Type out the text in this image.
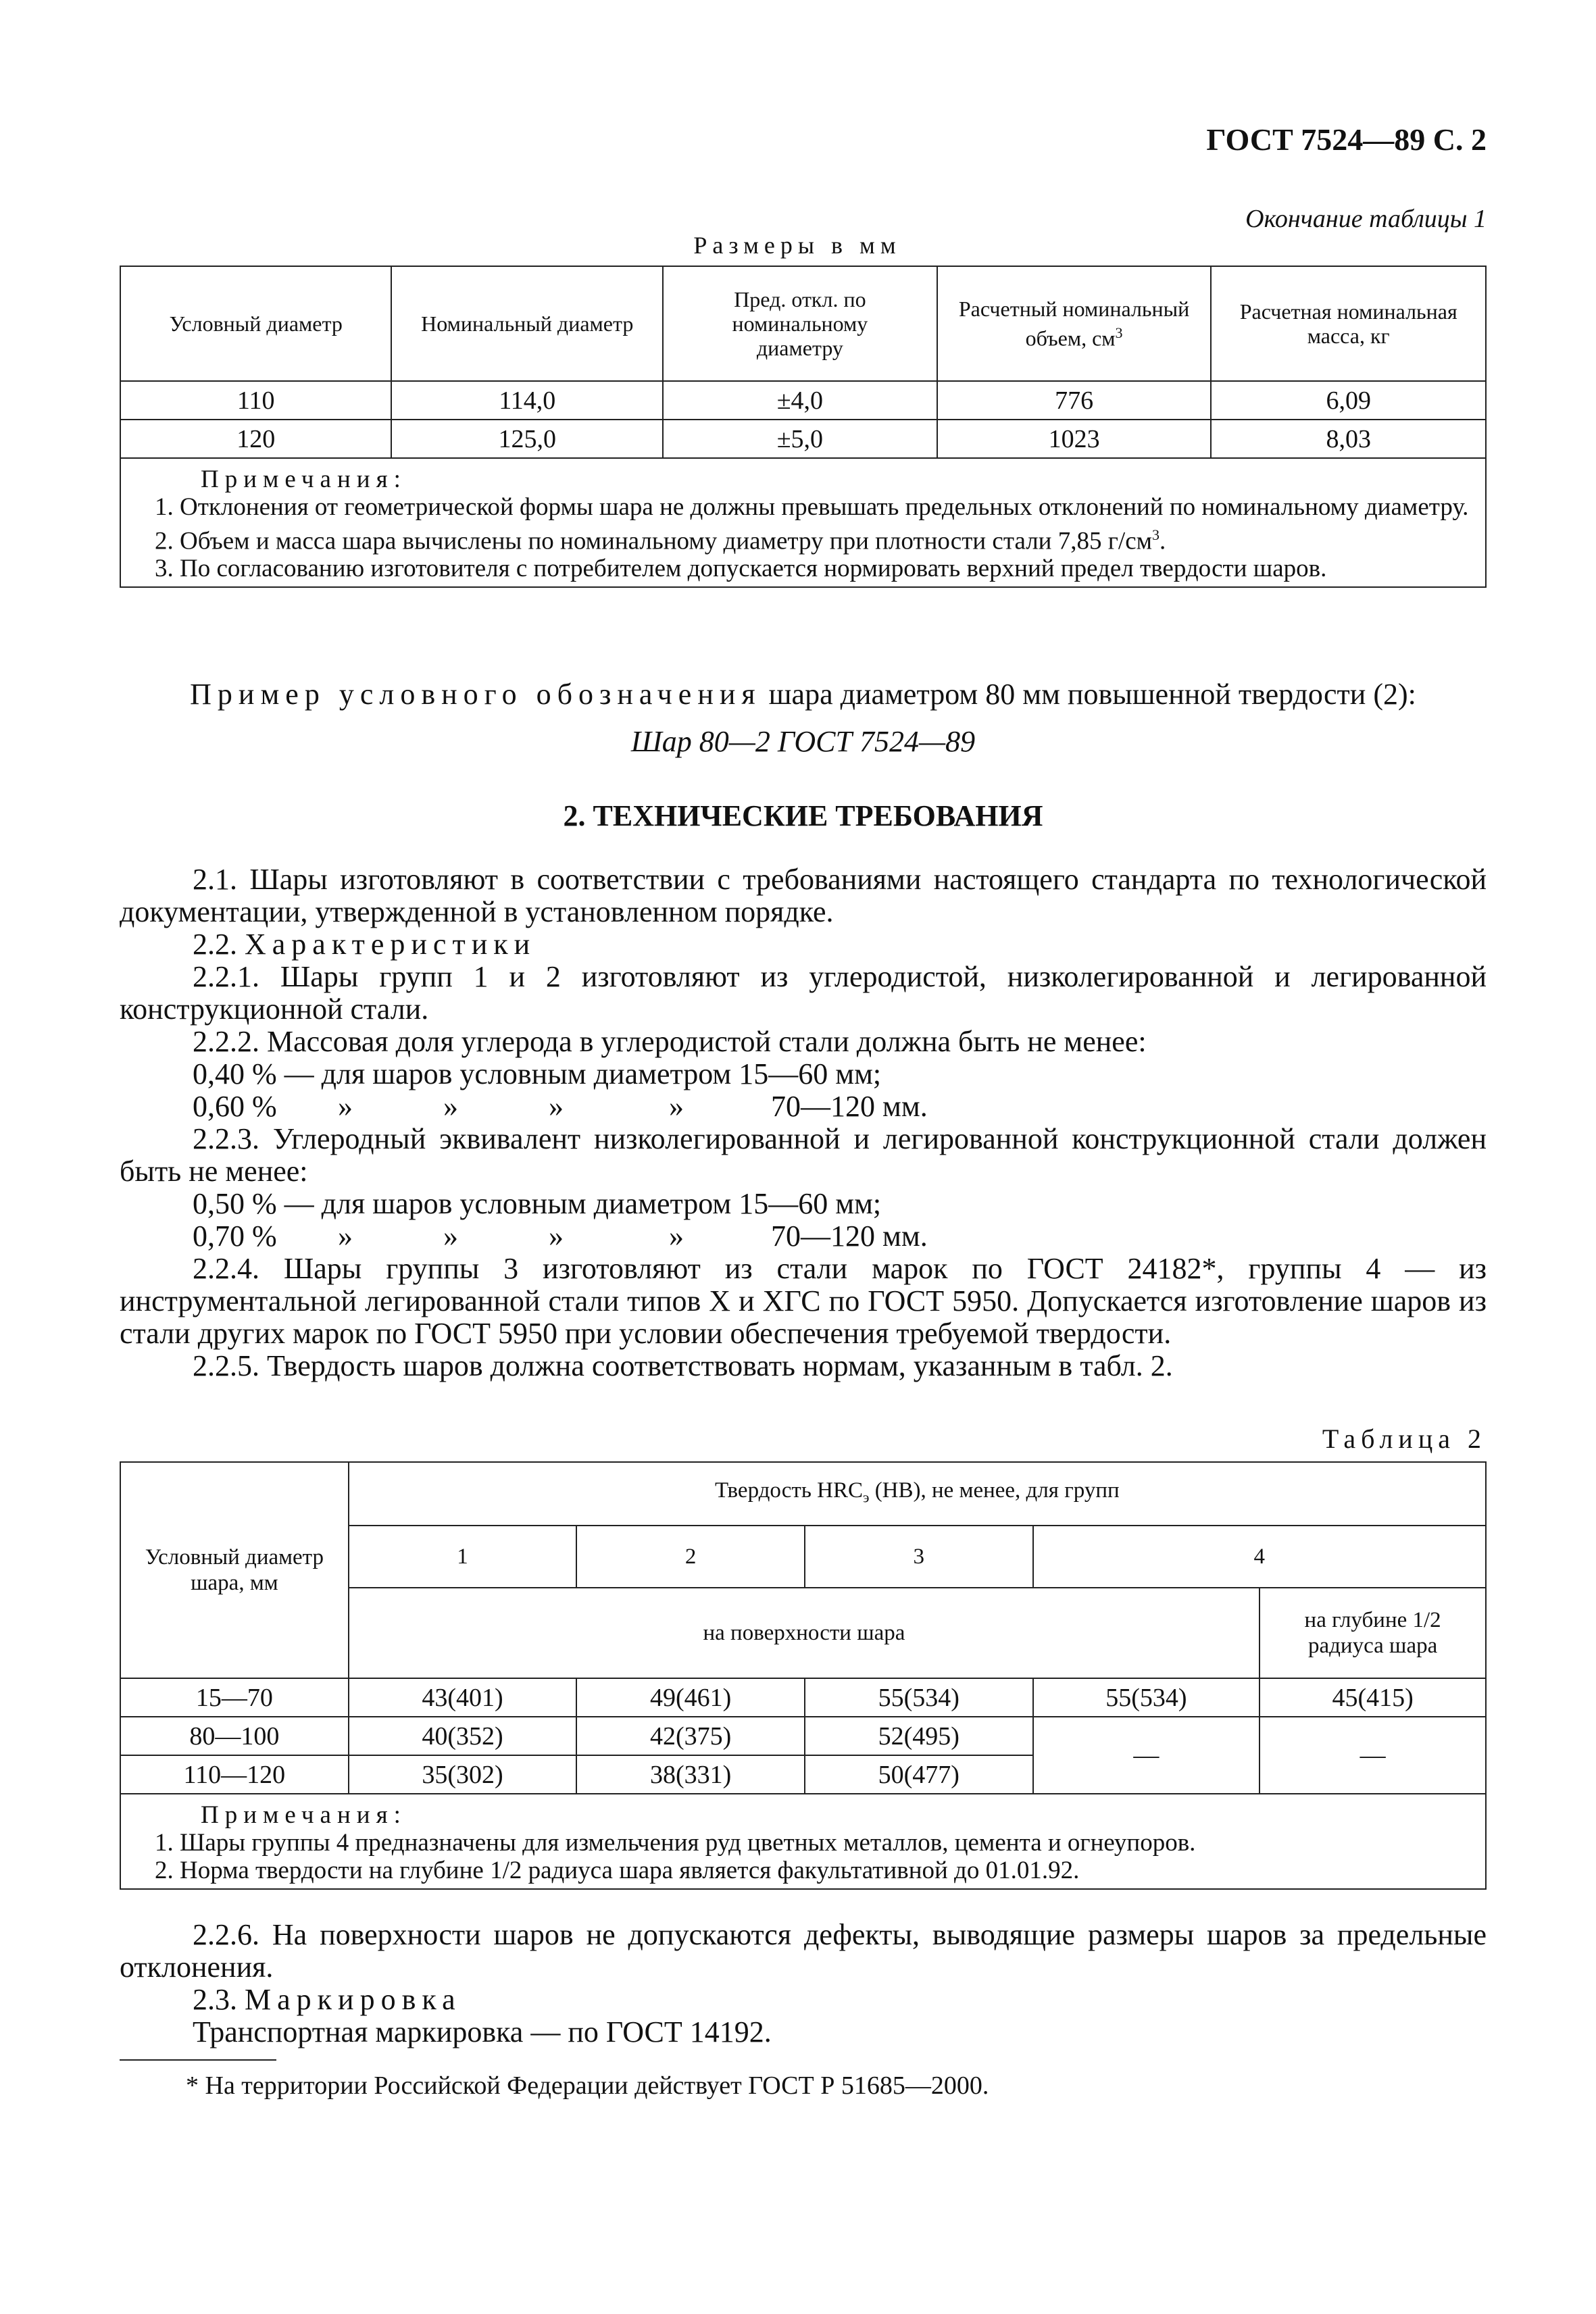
ГОСТ 7524—89 С. 2
Окончание таблицы 1
Размеры в мм
Условный диаметр	Номинальный диаметр	Пред. откл. по номинальному диаметру	Расчетный номинальный объем, $см^3$	Расчетная номинальная масса, кг
110	114,0	±4,0	776	6,09
120	125,0	±5,0	1023	8,03

Примечания:
1. Отклонения от геометрической формы шара не должны превышать предельных отклонений по номинальному диаметру.
2. Объем и масса шара вычислены по номинальному диаметру при плотности стали 7,85 $г/см^3$.
3. По согласованию изготовителя с потребителем допускается нормировать верхний предел твердости шаров.				
Пример условного обозначения шара диаметром 80 мм повышенной твердости (2):
Шар 80—2 ГОСТ 7524—89
2. ТЕХНИЧЕСКИЕ ТРЕБОВАНИЯ
2.1. Шары изготовляют в соответствии с требованиями настоящего стандарта по технологической документации, утвержденной в установленном порядке.
2.2. Характеристики
2.2.1. Шары групп 1 и 2 изготовляют из углеродистой, низколегированной и легированной конструкционной стали.
2.2.2. Массовая доля углерода в углеродистой стали должна быть не менее:
0,40 % — для шаров условным диаметром 15—60 мм;
0,60 % »	»	»	»	70—120 мм.
2.2.3. Углеродный эквивалент низколегированной и легированной конструкционной стали должен быть не менее:
0,50 % — для шаров условным диаметром 15—60 мм;
0,70 % »	»	»	»	70—120 мм.
2.2.4. Шары группы 3 изготовляют из стали марок по ГОСТ 24182*, группы 4 — из инструментальной легированной стали типов Х и ХГС по ГОСТ 5950. Допускается изготовление шаров из стали других марок по ГОСТ 5950 при условии обеспечения требуемой твердости.
2.2.5. Твердость шаров должна соответствовать нормам, указанным в табл. 2.
Таблица 2
Условный диаметр шара, мм	Твердость $HRC_э$ (НВ), не менее, для групп				
	1	2	3	4	
	на поверхности шара				на глубине 1/2 радиуса шара
15—70	43(401)	49(461)	55(534)	55(534)	45(415)
80—100	40(352)	42(375)	52(495)	—	—
110—120	35(302)	38(331)	50(477)		

Примечания:
1. Шары группы 4 предназначены для измельчения руд цветных металлов, цемента и огнеупоров.
2. Норма твердости на глубине 1/2 радиуса шара является факультативной до 01.01.92.					
2.2.6. На поверхности шаров не допускаются дефекты, выводящие размеры шаров за предельные отклонения.
2.3. Маркировка
Транспортная маркировка — по ГОСТ 14192.
* На территории Российской Федерации действует ГОСТ Р 51685—2000.
